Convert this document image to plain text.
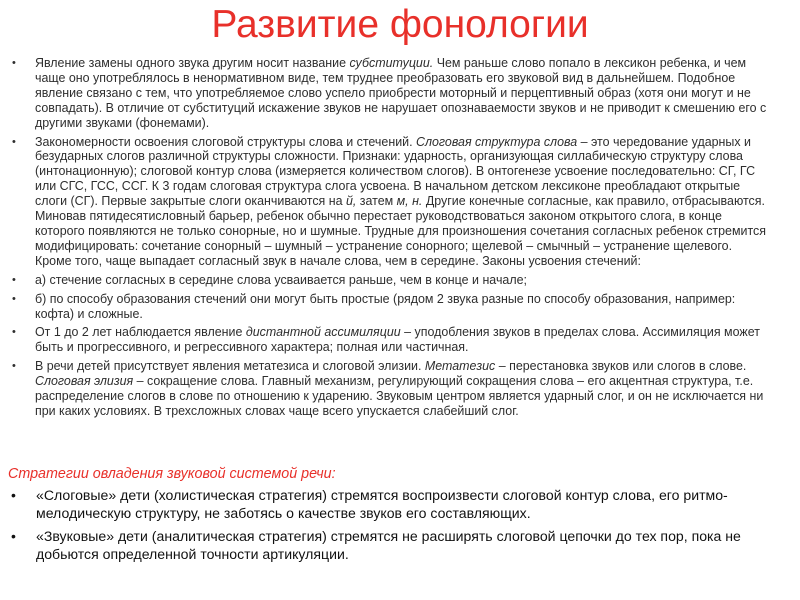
Развитие фонологии
• Явление замены одного звука другим носит название субституции. Чем раньше слово попало в лексикон ребенка, и чем чаще оно употреблялось в ненормативном виде, тем труднее преобразовать его звуковой вид в дальнейшем. Подобное явление связано с тем, что употребляемое слово успело приобрести моторный и перцептивный образ (хотя они могут и не совпадать). В отличие от субституций искажение звуков не нарушает опознаваемости звуков и не приводит к смешению его с другими звуками (фонемами).
• Закономерности освоения слоговой структуры слова и стечений. Слоговая структура слова – это чередование ударных и безударных слогов различной структуры сложности. Признаки: ударность, организующая силлабическую структуру слова (интонационную); слоговой контур слова (измеряется количеством слогов). В онтогенезе усвоение последовательно: СГ, ГС или СГС, ГСС, ССГ. К 3 годам слоговая структура слога усвоена. В начальном детском лексиконе преобладают открытые слоги (СГ). Первые закрытые слоги оканчиваются на й, затем м, н. Другие конечные согласные, как правило, отбрасываются. Миновав пятидесятисловный барьер, ребенок обычно перестает руководствоваться законом открытого слога, в конце которого появляются не только сонорные, но и шумные. Трудные для произношения сочетания согласных ребенок стремится модифицировать: сочетание сонорный – шумный – устранение сонорного; щелевой – смычный – устранение щелевого. Кроме того, чаще выпадает согласный звук в начале слова, чем в середине. Законы усвоения стечений:
• а) стечение согласных в середине слова усваивается раньше, чем в конце и начале;
• б) по способу образования стечений они могут быть простые (рядом 2 звука разные по способу образования, например: кофта) и сложные.
• От 1 до 2 лет наблюдается явление дистантной ассимиляции – уподобления звуков в пределах слова. Ассимиляция может быть и прогрессивного, и регрессивного характера; полная или частичная.
• В речи детей присутствует явления метатезиса и слоговой элизии. Метатезис – перестановка звуков или слогов в слове. Слоговая элизия – сокращение слова. Главный механизм, регулирующий сокращения слова – его акцентная структура, т.е. распределение слогов в слове по отношению к ударению. Звуковым центром является ударный слог, и он не исключается ни при каких условиях. В трехсложных словах чаще всего упускается слабейший слог.
Стратегии овладения звуковой системой речи:
• «Слоговые» дети (холистическая стратегия) стремятся воспроизвести слоговой контур слова, его ритмо-мелодическую структуру, не заботясь о качестве звуков его составляющих.
• «Звуковые» дети (аналитическая стратегия) стремятся не расширять слоговой цепочки до тех пор, пока не добьются определенной точности артикуляции.
